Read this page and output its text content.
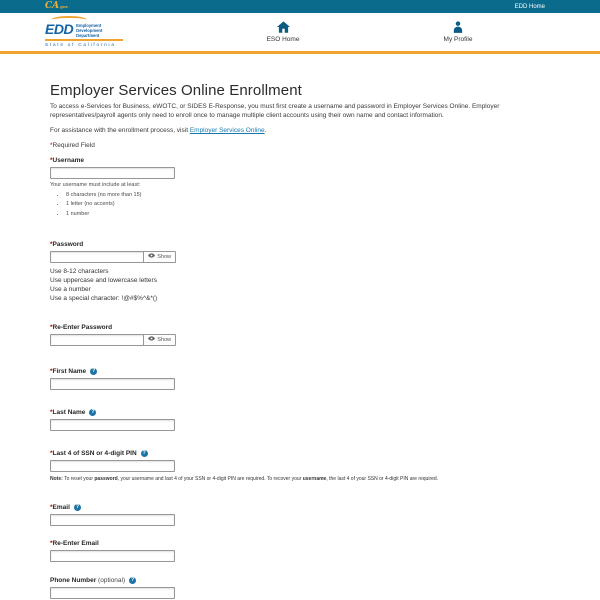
CAgov	EDD Home
EDD Employment
Development
Department
State of California
ESO Home	My Profile
Employer Services Online Enrollment

To access e-Services for Business, eWOTC, or SIDES E-Response, you must first create a username and password in Employer Services Online. Employer representatives/payroll agents only need to enroll once to manage multiple client accounts using their own name and contact information.

For assistance with the enrollment process, visit Employer Services Online.

*Required Field

*Username
Your username must include at least:
• 8 characters (no more than 15)
• 1 letter (no accents)
• 1 number
*Password
Show
Use 8-12 characters
Use uppercase and lowercase letters
Use a number
Use a special character: !@#$%^&*()
*Re-Enter Password
Show
*First Name	?
*Last Name	?
*Last 4 of SSN or 4-digit PIN	?
Note: To reset your password, your username and last 4 of your SSN or 4-digit PIN are required. To recover your username, the last 4 of your SSN or 4-digit PIN are required.
*Email	?
*Re-Enter Email
Phone Number (optional)	?
